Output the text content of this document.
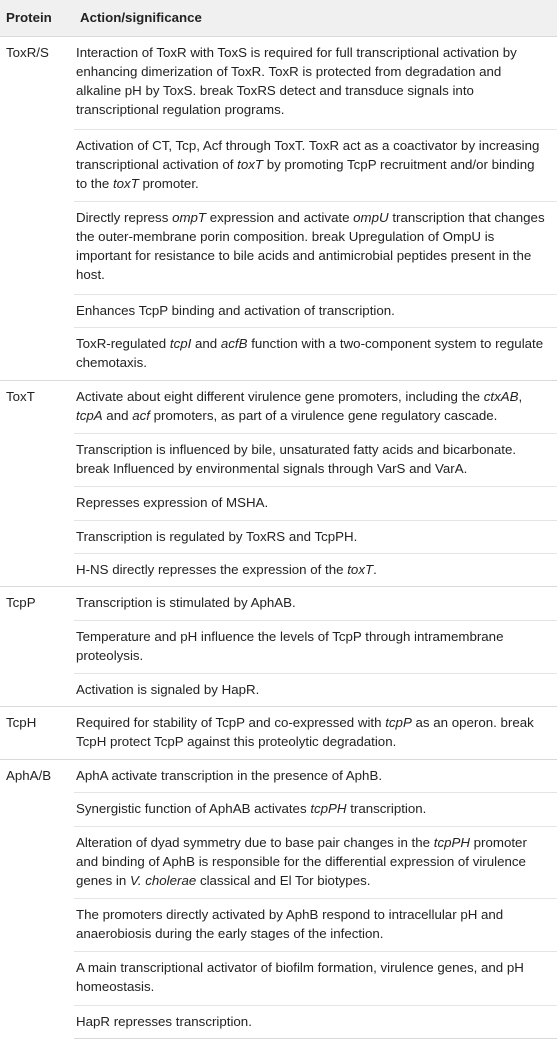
Protein	Action/significance
ToxR/S	Interaction of ToxR with ToxS is required for full transcriptional activation by enhancing dimerization of ToxR. ToxR is protected from degradation and alkaline pH by ToxS. break ToxRS detect and transduce signals into transcriptional regulation programs.
	Activation of CT, Tcp, Acf through ToxT. ToxR act as a coactivator by increasing transcriptional activation of toxT by promoting TcpP recruitment and/or binding to the toxT promoter.
	Directly repress ompT expression and activate ompU transcription that changes the outer-membrane porin composition. break Upregulation of OmpU is important for resistance to bile acids and antimicrobial peptides present in the host.
	Enhances TcpP binding and activation of transcription.
	ToxR-regulated tcpI and acfB function with a two-component system to regulate chemotaxis.
ToxT	Activate about eight different virulence gene promoters, including the ctxAB, tcpA and acf promoters, as part of a virulence gene regulatory cascade.
	Transcription is influenced by bile, unsaturated fatty acids and bicarbonate. break Influenced by environmental signals through VarS and VarA.
	Represses expression of MSHA.
	Transcription is regulated by ToxRS and TcpPH.
	H-NS directly represses the expression of the toxT.
TcpP	Transcription is stimulated by AphAB.
	Temperature and pH influence the levels of TcpP through intramembrane proteolysis.
	Activation is signaled by HapR.
TcpH	Required for stability of TcpP and co-expressed with tcpP as an operon. break TcpH protect TcpP against this proteolytic degradation.
AphA/B	AphA activate transcription in the presence of AphB.
	Synergistic function of AphAB activates tcpPH transcription.
	Alteration of dyad symmetry due to base pair changes in the tcpPH promoter and binding of AphB is responsible for the differential expression of virulence genes in V. cholerae classical and El Tor biotypes.
	The promoters directly activated by AphB respond to intracellular pH and anaerobiosis during the early stages of the infection.
	A main transcriptional activator of biofilm formation, virulence genes, and pH homeostasis.
	HapR represses transcription.
